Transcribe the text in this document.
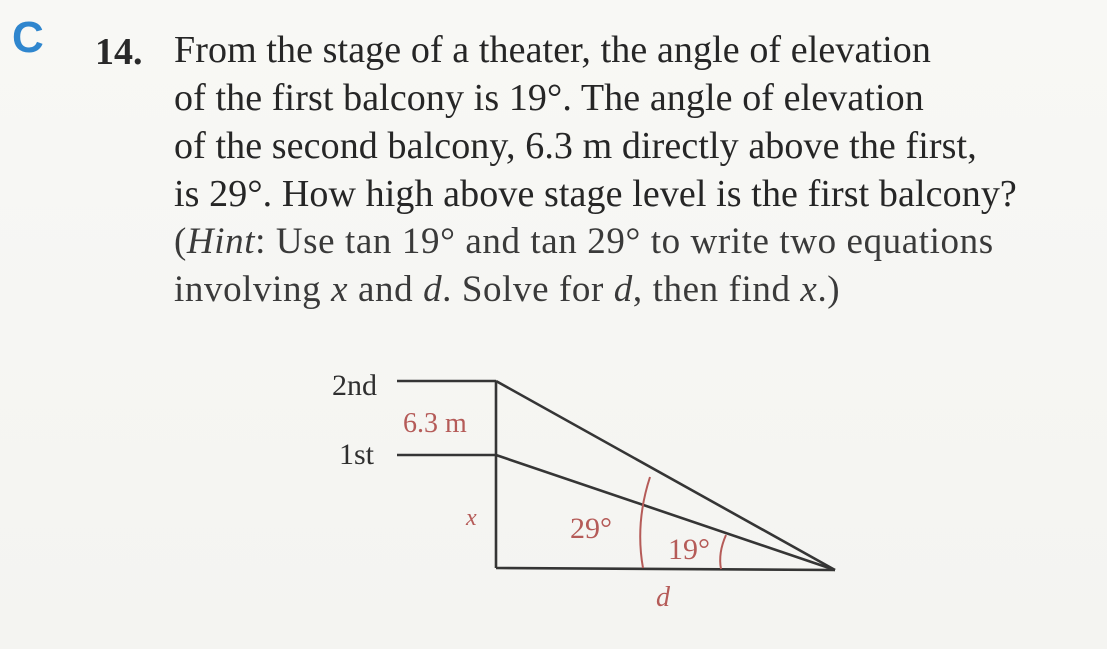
C 14. From the stage of a theater, the angle of elevation
of the first balcony is 19°. The angle of elevation
of the second balcony, 6.3 m directly above the first,
is 29°. How high above stage level is the first balcony?
(Hint: Use tan 19° and tan 29° to write two equations
involving x and d. Solve for d, then find x.)
2nd
1st
6.3 m
x	29°
19°
d
